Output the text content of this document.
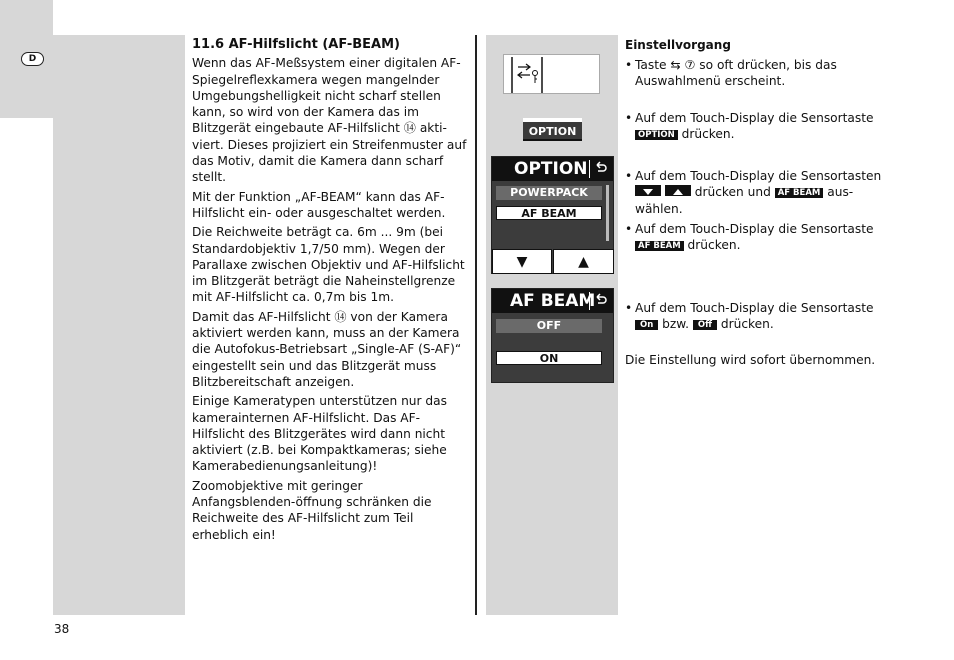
D
11.6 AF-Hilfslicht (AF-BEAM)

Wenn das AF-Meßsystem einer digitalen AF-Spiegelreflexkamera wegen mangelnder Umgebungshelligkeit nicht scharf stellen kann, so wird von der Kamera das im Blitzgerät eingebaute AF-Hilfslicht ⑭ akti-viert. Dieses projiziert ein Streifenmuster auf das Motiv, damit die Kamera dann scharf stellt.

Mit der Funktion „AF-BEAM“ kann das AF-Hilfslicht ein- oder ausgeschaltet werden.

Die Reichweite beträgt ca. 6m ... 9m (bei Standardobjektiv 1,7/50 mm). Wegen der Parallaxe zwischen Objektiv und AF-Hilfslicht im Blitzgerät beträgt die Naheinstellgrenze mit AF-Hilfslicht ca. 0,7m bis 1m.

Damit das AF-Hilfslicht ⑭ von der Kamera aktiviert werden kann, muss an der Kamera die Autofokus-Betriebsart „Single-AF (S-AF)“ eingestellt sein und das Blitzgerät muss Blitzbereitschaft anzeigen.

Einige Kameratypen unterstützen nur das kamerainternen AF-Hilfslicht. Das AF-Hilfslicht des Blitzgerätes wird dann nicht aktiviert (z.B. bei Kompaktkameras; siehe Kamerabedienungsanleitung)!

Zoomobjektive mit geringer Anfangsblenden-öffnung schränken die Reichweite des AF-Hilfslicht zum Teil erheblich ein!

OPTION
OPTION
POWERPACK
AF BEAM
▼	▲
AF BEAM
OFF
ON
Einstellvorgang
• Taste ⇆ ⑦ so oft drücken, bis das
Auswahlmenü erscheint.
• Auf dem Touch-Display die Sensortaste
OPTION drücken.
• Auf dem Touch-Display die Sensortasten
drücken und AF BEAM aus-
wählen.
• Auf dem Touch-Display die Sensortaste
AF BEAM drücken.
• Auf dem Touch-Display die Sensortaste
On bzw. Off drücken.
Die Einstellung wird sofort übernommen.
38
